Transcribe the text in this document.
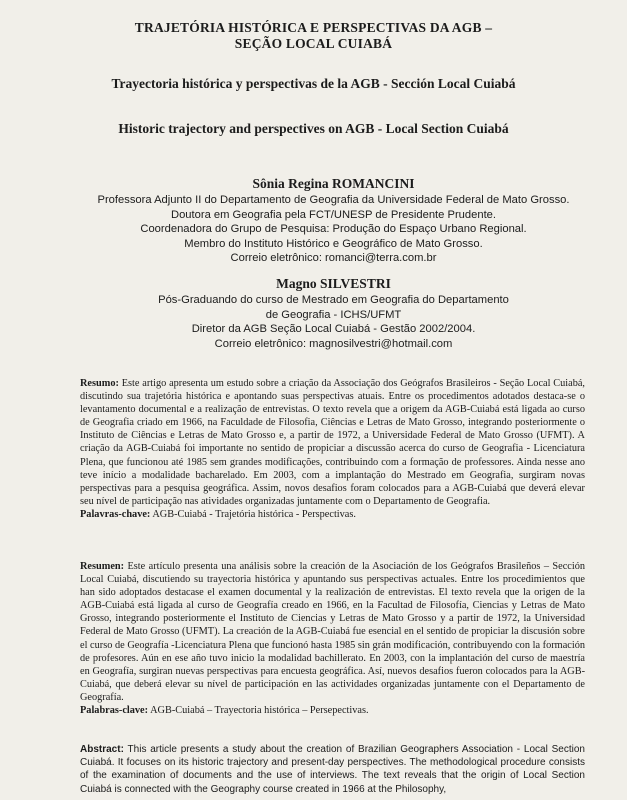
TRAJETÓRIA HISTÓRICA E PERSPECTIVAS DA AGB –
SEÇÃO LOCAL CUIABÁ
Trayectoria histórica y perspectivas de la AGB - Sección Local Cuiabá
Historic trajectory and perspectives on AGB - Local Section Cuiabá
Sônia Regina ROMANCINI
Professora Adjunto II do Departamento de Geografia da Universidade Federal de Mato Grosso.
Doutora em Geografia pela FCT/UNESP de Presidente Prudente.
Coordenadora do Grupo de Pesquisa: Produção do Espaço Urbano Regional.
Membro do Instituto Histórico e Geográfico de Mato Grosso.
Correio eletrônico: romanci@terra.com.br
Magno SILVESTRI
Pós-Graduando do curso de Mestrado em Geografia do Departamento
de Geografia - ICHS/UFMT
Diretor da AGB Seção Local Cuiabá - Gestão 2002/2004.
Correio eletrônico: magnosilvestri@hotmail.com
Resumo: Este artigo apresenta um estudo sobre a criação da Associação dos Geógrafos Brasileiros - Seção Local Cuiabá, discutindo sua trajetória histórica e apontando suas perspectivas atuais. Entre os procedimentos adotados destaca-se o levantamento documental e a realização de entrevistas. O texto revela que a origem da AGB-Cuiabá está ligada ao curso de Geografia criado em 1966, na Faculdade de Filosofia, Ciências e Letras de Mato Grosso, integrando posteriormente o Instituto de Ciências e Letras de Mato Grosso e, a partir de 1972, a Universidade Federal de Mato Grosso (UFMT). A criação da AGB-Cuiabá foi importante no sentido de propiciar a discussão acerca do curso de Geografia - Licenciatura Plena, que funcionou até 1985 sem grandes modificações, contribuindo com a formação de professores. Ainda nesse ano teve início a modalidade bacharelado. Em 2003, com a implantação do Mestrado em Geografia, surgiram novas perspectivas para a pesquisa geográfica. Assim, novos desafios foram colocados para a AGB-Cuiabá que deverá elevar seu nível de participação nas atividades organizadas juntamente com o Departamento de Geografia.
Palavras-chave: AGB-Cuiabá - Trajetória histórica - Perspectivas.
Resumen: Este artículo presenta una análisis sobre la creación de la Asociación de los Geógrafos Brasileños – Sección Local Cuiabá, discutiendo su trayectoria histórica y apuntando sus perspectivas actuales. Entre los procedimientos que han sido adoptados destacase el examen documental y la realización de entrevistas. El texto revela que la origen de la AGB-Cuiabá está ligada al curso de Geografía creado en 1966, en la Facultad de Filosofía, Ciencias y Letras de Mato Grosso, integrando posteriormente el Instituto de Ciencias y Letras de Mato Grosso y a partir de 1972, la Universidad Federal de Mato Grosso (UFMT). La creación de la AGB-Cuiabá fue esencial en el sentido de propiciar la discusión sobre el curso de Geografía -Licenciatura Plena que funcionó hasta 1985 sin grán modificación, contribuyendo con la formación de profesores. Aún en ese año tuvo inicio la modalidad bachillerato. En 2003, con la implantación del curso de maestría en Geografía, surgiran nuevas perspectivas para encuesta geográfica. Así, nuevos desafios fueron colocados para la AGB-Cuiabá, que deberá elevar su nível de participación en las actividades organizadas juntamente con el Departamento de Geografía.
Palabras-clave: AGB-Cuiabá – Trayectoria histórica – Persepectivas.
Abstract: This article presents a study about the creation of Brazilian Geographers Association - Local Section Cuiabá. It focuses on its historic trajectory and present-day perspectives. The methodological procedure consists of the examination of documents and the use of interviews. The text reveals that the origin of Local Section Cuiabá is connected with the Geography course created in 1966 at the Philosophy,
